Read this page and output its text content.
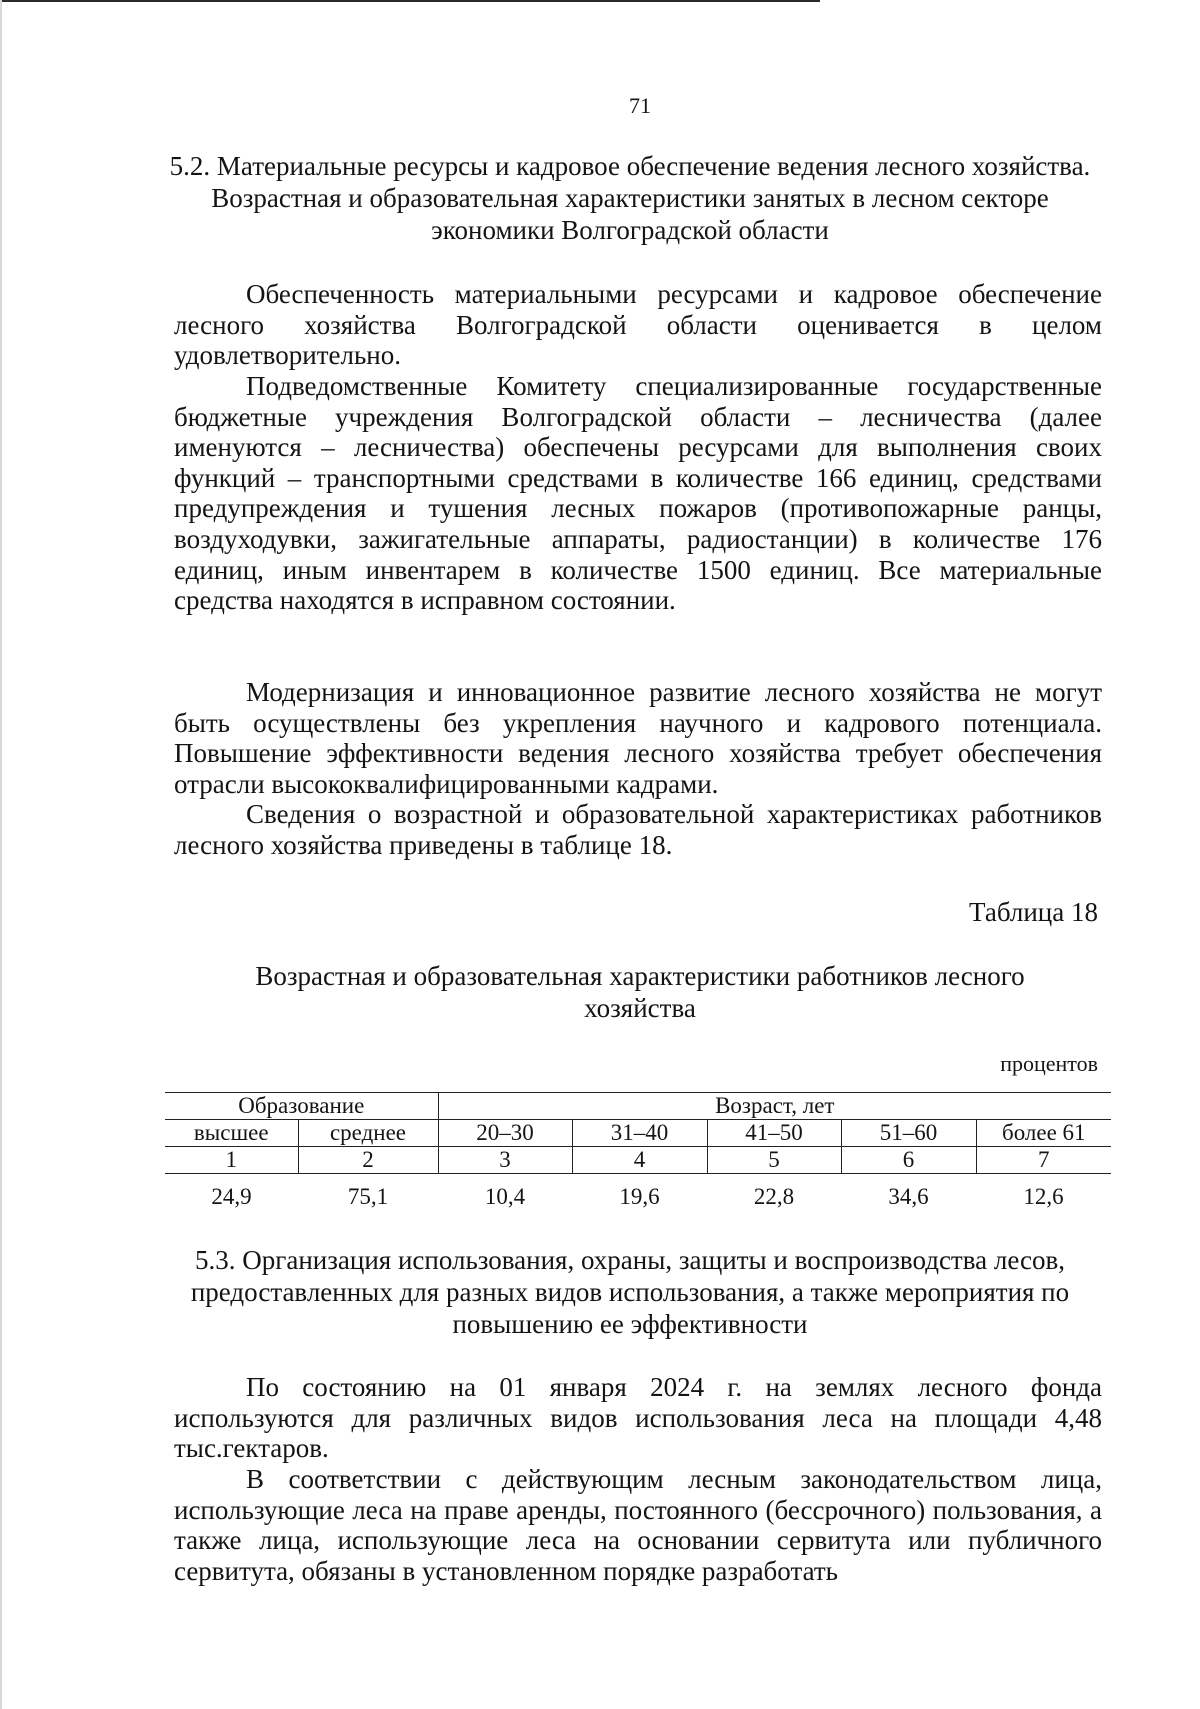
71
5.2. Материальные ресурсы и кадровое обеспечение ведения лесного хозяйства. Возрастная и образовательная характеристики занятых в лесном секторе экономики Волгоградской области
Обеспеченность материальными ресурсами и кадровое обеспечение лесного хозяйства Волгоградской области оценивается в целом удовлетворительно.
Подведомственные Комитету специализированные государственные бюджетные учреждения Волгоградской области – лесничества (далее именуются – лесничества) обеспечены ресурсами для выполнения своих функций – транспортными средствами в количестве 166 единиц, средствами предупреждения и тушения лесных пожаров (противопожарные ранцы, воздуходувки, зажигательные аппараты, радиостанции) в количестве 176 единиц, иным инвентарем в количестве 1500 единиц. Все материальные средства находятся в исправном состоянии.
Модернизация и инновационное развитие лесного хозяйства не могут быть осуществлены без укрепления научного и кадрового потенциала. Повышение эффективности ведения лесного хозяйства требует обеспечения отрасли высококвалифицированными кадрами.
Сведения о возрастной и образовательной характеристиках работников лесного хозяйства приведены в таблице 18.
Таблица 18
Возрастная и образовательная характеристики работников лесного хозяйства
процентов
Образование		Возраст, лет				
высшее	среднее	20–30	31–40	41–50	51–60	более 61
1	2	3	4	5	6	7
24,9	75,1	10,4	19,6	22,8	34,6	12,6
5.3. Организация использования, охраны, защиты и воспроизводства лесов, предоставленных для разных видов использования, а также мероприятия по повышению ее эффективности
По состоянию на 01 января 2024 г. на землях лесного фонда используются для различных видов использования леса на площади 4,48 тыс.гектаров.
В соответствии с действующим лесным законодательством лица, использующие леса на праве аренды, постоянного (бессрочного) пользования, а также лица, использующие леса на основании сервитута или публичного сервитута, обязаны в установленном порядке разработать
